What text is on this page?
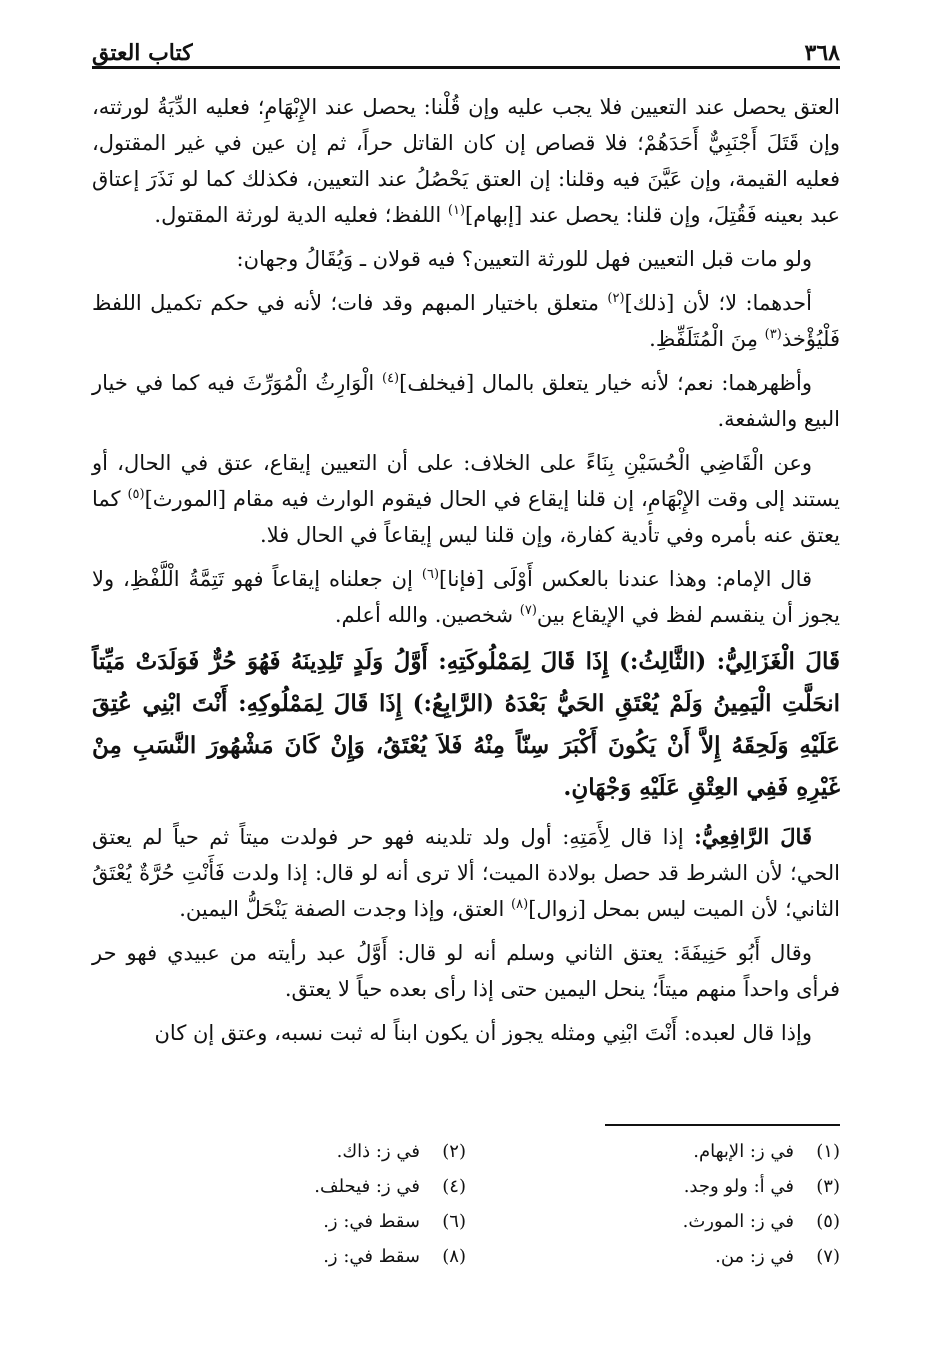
٣٦٨
كتاب العتق

العتق يحصل عند التعيين فلا يجب عليه وإن قُلْنا: يحصل عند الإِبْهَامِ؛ فعليه الدِّيَةُ لورثته، وإن قَتَلَ أَجْنَبِيٌّ أَحَدَهُمْ؛ فلا قصاص إن كان القاتل حراً، ثم إن عين في غير المقتول، فعليه القيمة، وإن عَيَّنَ فيه وقلنا: إن العتق يَحْصُلُ عند التعيين، فكذلك كما لو نَذَرَ إعتاق عبد بعينه فَقُتِلَ، وإن قلنا: يحصل عند [إبهام]$^{(١)}$ اللفظ؛ فعليه الدية لورثة المقتول.

ولو مات قبل التعيين فهل للورثة التعيين؟ فيه قولان ـ وَيُقَالُ وجهان:

أحدهما: لا؛ لأن [ذلك]$^{(٢)}$ متعلق باختيار المبهم وقد فات؛ لأنه في حكم تكميل اللفظ فَلْيُؤْخذ$^{(٣)}$ مِنَ الْمُتَلَفِّظِ.

وأظهرهما: نعم؛ لأنه خيار يتعلق بالمال [فيخلف]$^{(٤)}$ الْوَارِثُ الْمُوَرِّثَ فيه كما في خيار البيع والشفعة.

وعن الْقَاضِي الْحُسَيْنِ بِنَاءً على الخلاف: على أن التعيين إيقاع، عتق في الحال، أو يستند إلى وقت الإِبْهَامِ، إن قلنا إيقاع في الحال فيقوم الوارث فيه مقام [المورث]$^{(٥)}$ كما يعتق عنه بأمره وفي تأدية كفارة، وإن قلنا ليس إيقاعاً في الحال فلا.

قال الإمام: وهذا عندنا بالعكس أَوْلَى [فإنا]$^{(٦)}$ إن جعلناه إيقاعاً فهو تَتِمَّةُ الْلَّفْظِ، ولا يجوز أن ينقسم لفظ في الإيقاع بين$^{(٧)}$ شخصين. والله أعلم.

قَالَ الْغَزَالِيُّ: (الثَّالِثُ:) إِذَا قَالَ لِمَمْلُوكَتِهِ: أَوَّلُ وَلَدٍ تَلِدِينَهُ فَهُوَ حُرٌّ فَوَلَدَتْ مَيِّتاً انحَلَّتِ الْيَمِينُ وَلَمْ يُعْتَقِ الحَيُّ بَعْدَهُ (الرَّابِعُ:) إِذَا قَالَ لِمَمْلُوكِهِ: أَنْتَ ابْنِي عُتِقَ عَلَيْهِ وَلَحِقَهُ إِلاَّ أَنْ يَكُونَ أَكْبَرَ سِنّاً مِنْهُ فَلاَ يُعْتَقُ، وَإِنْ كَانَ مَشْهُورَ النَّسَبِ مِنْ غَيْرِهِ فَفِي العِتْقِ عَلَيْهِ وَجْهَانِ.

قَالَ الرَّافِعِيُّ: إذا قال لِأَمَتِهِ: أول ولد تلدينه فهو حر فولدت ميتاً ثم حياً لم يعتق الحي؛ لأن الشرط قد حصل بولادة الميت؛ ألا ترى أنه لو قال: إذا ولدت فَأَنْتِ حُرَّةٌ يُعْتَقُ الثاني؛ لأن الميت ليس بمحل [زوال]$^{(٨)}$ العتق، وإذا وجدت الصفة يَنْحَلُّ اليمين.

وقال أَبُو حَنِيفَةَ: يعتق الثاني وسلم أنه لو قال: أَوَّلُ عبد رأيته من عبيدي فهو حر فرأى واحداً منهم ميتاً؛ ينحل اليمين حتى إذا رأى بعده حياً لا يعتق.

وإذا قال لعبده: أَنْتَ ابْنِي ومثله يجوز أن يكون ابناً له ثبت نسبه، وعتق إن كان

(١)في ز: الإبهام.
(٢)في ز: ذاك.
(٣)في أ: ولو وجد.
(٤)في ز: فيحلف.
(٥)في ز: المورث.
(٦)سقط في: ز.
(٧)في ز: من.
(٨)سقط في: ز.
